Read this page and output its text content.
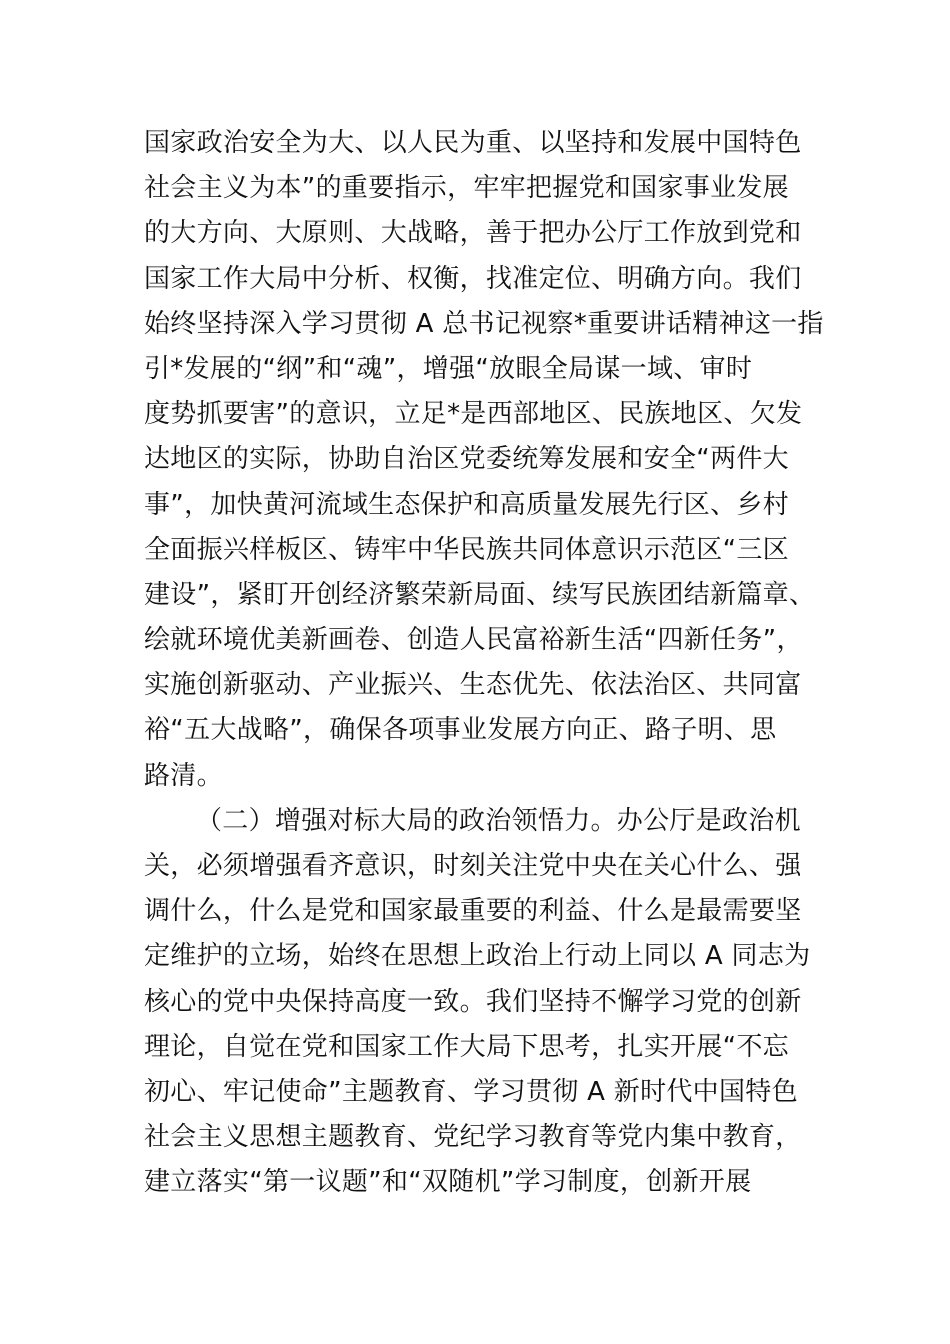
国家政治安全为大、以人民为重、以坚持和发展中国特色
社会主义为本”的重要指示，牢牢把握党和国家事业发展
的大方向、大原则、大战略，善于把办公厅工作放到党和
国家工作大局中分析、权衡，找准定位、明确方向。我们
始终坚持深入学习贯彻 A 总书记视察*重要讲话精神这一指
引*发展的“纲”和“魂”，增强“放眼全局谋一域、审时
度势抓要害”的意识，立足*是西部地区、民族地区、欠发
达地区的实际，协助自治区党委统筹发展和安全“两件大
事”，加快黄河流域生态保护和高质量发展先行区、乡村
全面振兴样板区、铸牢中华民族共同体意识示范区“三区
建设”，紧盯开创经济繁荣新局面、续写民族团结新篇章、
绘就环境优美新画卷、创造人民富裕新生活“四新任务”，
实施创新驱动、产业振兴、生态优先、依法治区、共同富
裕“五大战略”，确保各项事业发展方向正、路子明、思
路清。
（二）增强对标大局的政治领悟力。办公厅是政治机
关，必须增强看齐意识，时刻关注党中央在关心什么、强
调什么，什么是党和国家最重要的利益、什么是最需要坚
定维护的立场，始终在思想上政治上行动上同以 A 同志为
核心的党中央保持高度一致。我们坚持不懈学习党的创新
理论，自觉在党和国家工作大局下思考，扎实开展“不忘
初心、牢记使命”主题教育、学习贯彻 A 新时代中国特色
社会主义思想主题教育、党纪学习教育等党内集中教育，
建立落实“第一议题”和“双随机”学习制度，创新开展
